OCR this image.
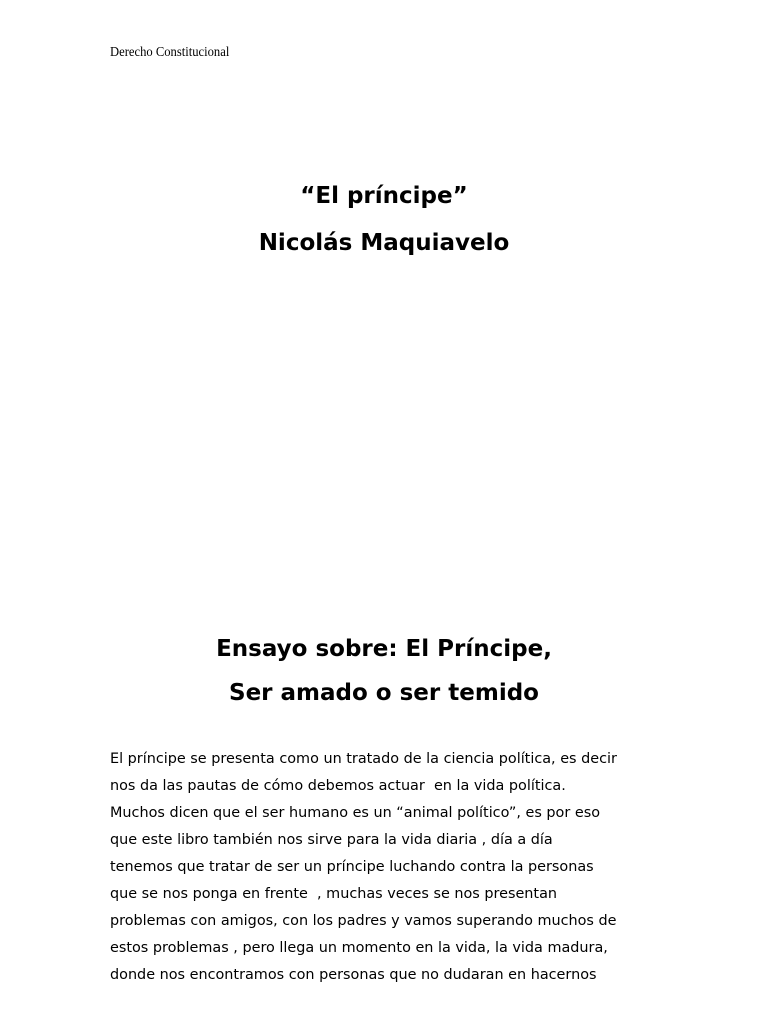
Derecho Constitucional
“El príncipe”
Nicolás Maquiavelo
Ensayo sobre: El Príncipe,
Ser amado o ser temido
El príncipe se presenta como un tratado de la ciencia política, es decir
nos da las pautas de cómo debemos actuar  en la vida política.
Muchos dicen que el ser humano es un “animal político”, es por eso
que este libro también nos sirve para la vida diaria , día a día
tenemos que tratar de ser un príncipe luchando contra la personas
que se nos ponga en frente  , muchas veces se nos presentan
problemas con amigos, con los padres y vamos superando muchos de
estos problemas , pero llega un momento en la vida, la vida madura,
donde nos encontramos con personas que no dudaran en hacernos
